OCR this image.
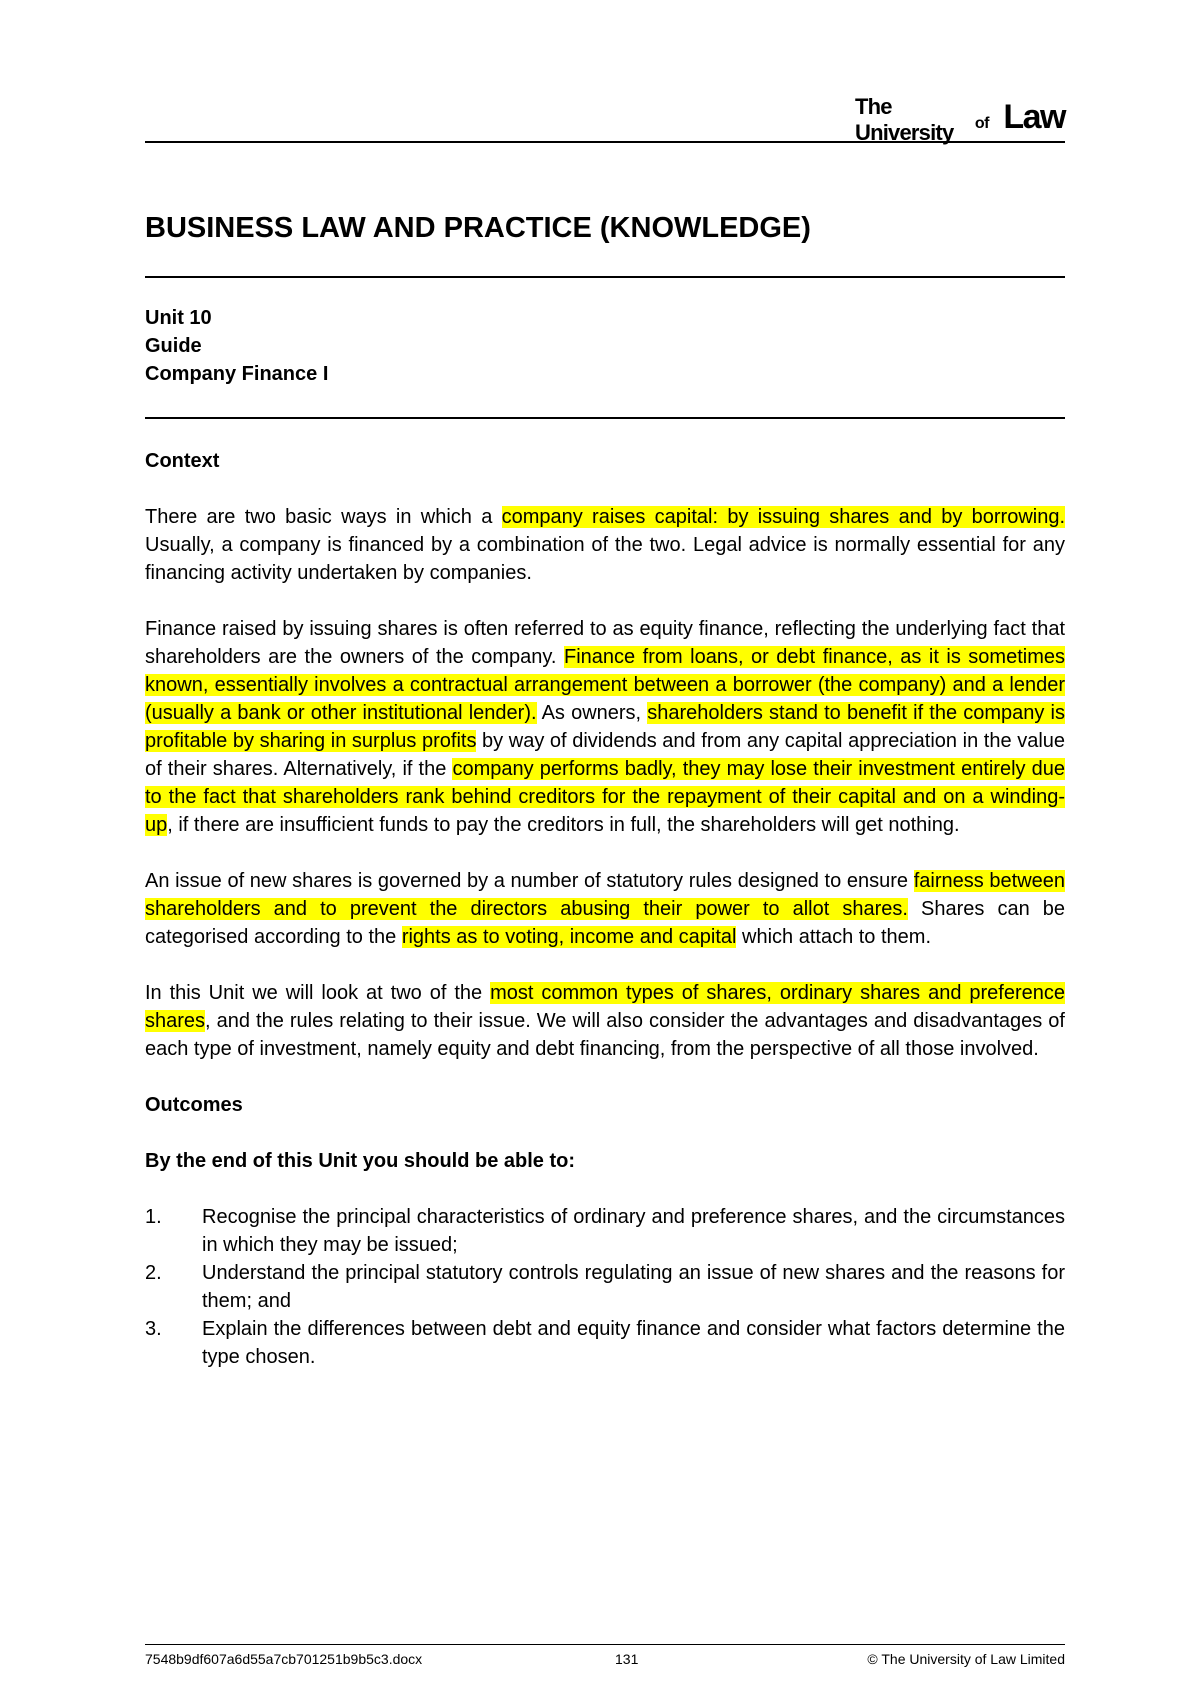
The University	of Law
BUSINESS LAW AND PRACTICE (KNOWLEDGE)
Unit 10
Guide
Company Finance I
Context

There are two basic ways in which a company raises capital: by issuing shares and by borrowing. Usually, a company is financed by a combination of the two. Legal advice is normally essential for any financing activity undertaken by companies.

Finance raised by issuing shares is often referred to as equity finance, reflecting the underlying fact that shareholders are the owners of the company. Finance from loans, or debt finance, as it is sometimes known, essentially involves a contractual arrangement between a borrower (the company) and a lender (usually a bank or other institutional lender). As owners, shareholders stand to benefit if the company is profitable by sharing in surplus profits by way of dividends and from any capital appreciation in the value of their shares. Alternatively, if the company performs badly, they may lose their investment entirely due to the fact that shareholders rank behind creditors for the repayment of their capital and on a winding-up, if there are insufficient funds to pay the creditors in full, the shareholders will get nothing.

An issue of new shares is governed by a number of statutory rules designed to ensure fairness between shareholders and to prevent the directors abusing their power to allot shares. Shares can be categorised according to the rights as to voting, income and capital which attach to them.

In this Unit we will look at two of the most common types of shares, ordinary shares and preference shares, and the rules relating to their issue. We will also consider the advantages and disadvantages of each type of investment, namely equity and debt financing, from the perspective of all those involved.

Outcomes

By the end of this Unit you should be able to:

1. Recognise the principal characteristics of ordinary and preference shares, and the circumstances in which they may be issued;
2. Understand the principal statutory controls regulating an issue of new shares and the reasons for them; and
3. Explain the differences between debt and equity finance and consider what factors determine the type chosen.
7548b9df607a6d55a7cb701251b9b5c3.docx	131	© The University of Law Limited
